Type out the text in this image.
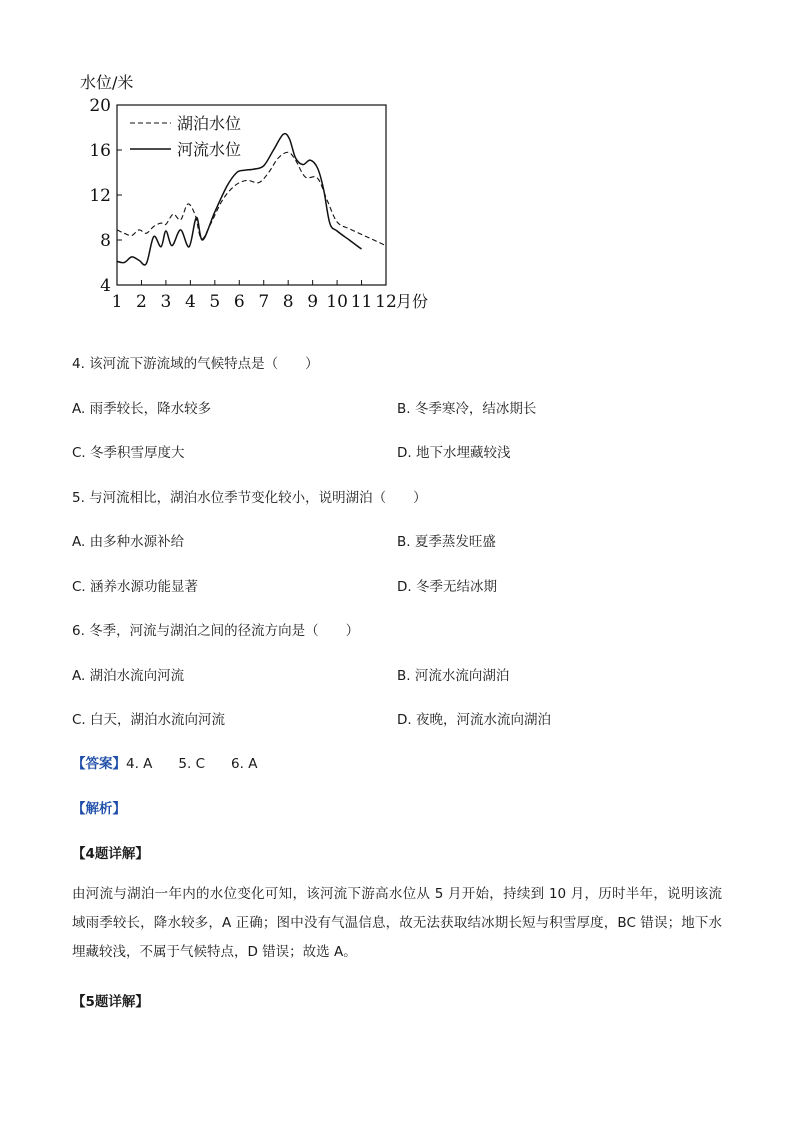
4
8
12
16
20
1 2 3 4 5 6 7 8 9 10 11 12
水位/米
月份
湖泊水位
河流水位
4. 该河流下游流域的气候特点是（　　）
A. 雨季较长，降水较多	B. 冬季寒冷，结冰期长
C. 冬季积雪厚度大	D. 地下水埋藏较浅
5. 与河流相比，湖泊水位季节变化较小，说明湖泊（　　）
A. 由多种水源补给	B. 夏季蒸发旺盛
C. 涵养水源功能显著	D. 冬季无结冰期
6. 冬季，河流与湖泊之间的径流方向是（　　）
A. 湖泊水流向河流	B. 河流水流向湖泊
C. 白天，湖泊水流向河流	D. 夜晚，河流水流向湖泊
【答案】4. A 5. C 6. A
【解析】
【4题详解】
由河流与湖泊一年内的水位变化可知，该河流下游高水位从 5 月开始，持续到 10 月，历时半年，说明该流域雨季较长，降水较多，A 正确；图中没有气温信息，故无法获取结冰期长短与积雪厚度，BC 错误；地下水埋藏较浅，不属于气候特点，D 错误；故选 A。
【5题详解】
